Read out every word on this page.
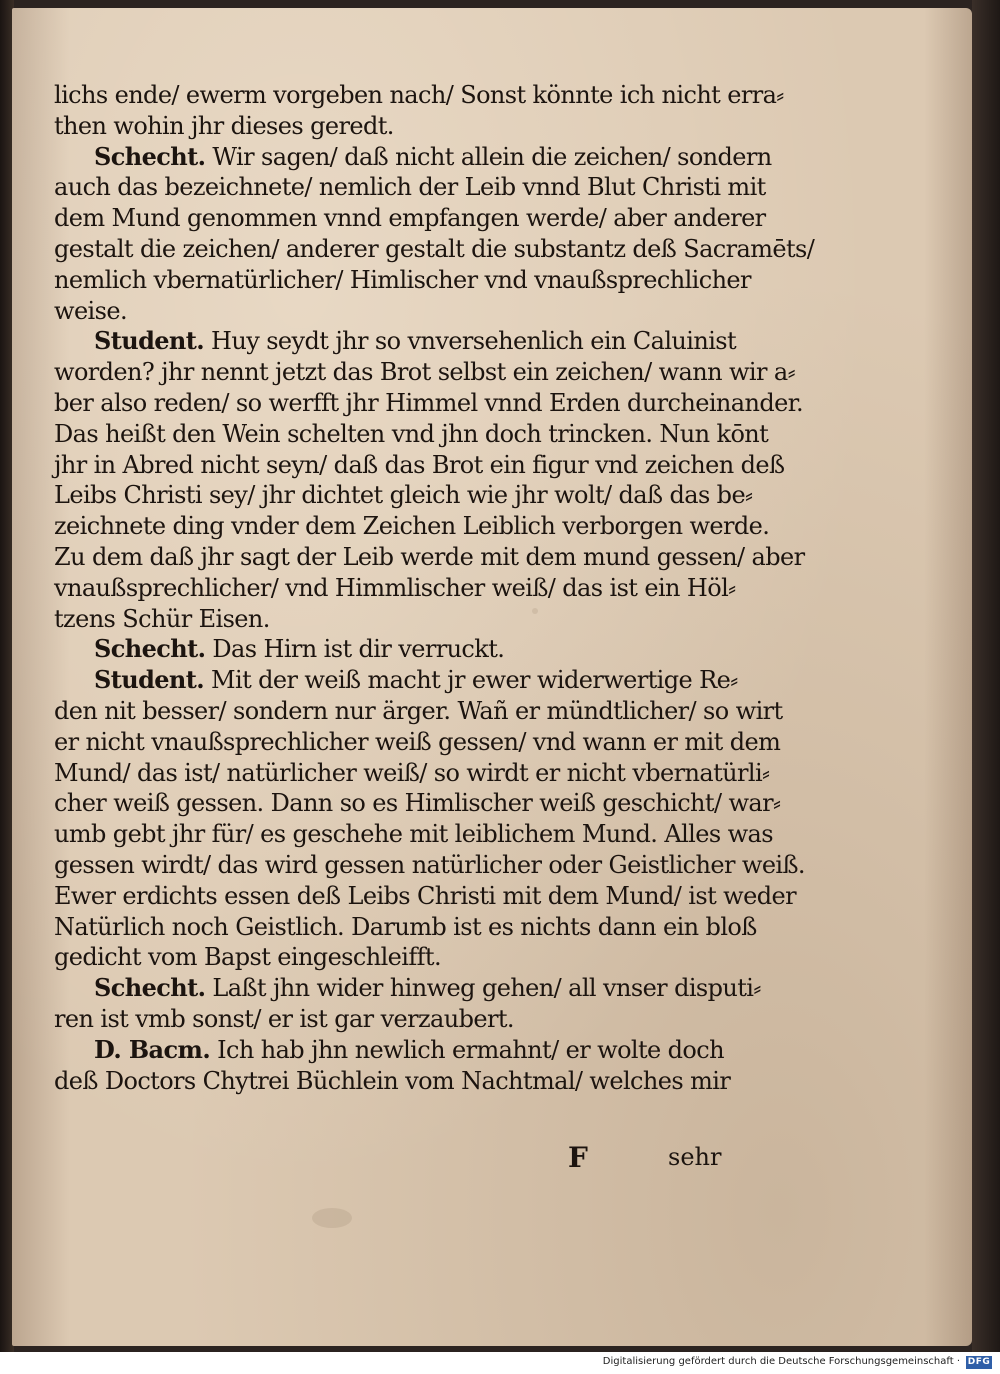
lichs ende/ ewerm vorgeben nach/ Sonst könnte ich nicht erra⸗
then wohin jhr dieses geredt.
Schecht. Wir sagen/ daß nicht allein die zeichen/ sondern
auch das bezeichnete/ nemlich der Leib vnnd Blut Christi mit
dem Mund genommen vnnd empfangen werde/ aber anderer
gestalt die zeichen/ anderer gestalt die substantz deß Sacramēts/
nemlich vbernatürlicher/ Himlischer vnd vnaußsprechlicher
weise.
Student. Huy seydt jhr so vnversehenlich ein Caluinist
worden? jhr nennt jetzt das Brot selbst ein zeichen/ wann wir a⸗
ber also reden/ so werfft jhr Himmel vnnd Erden durcheinander.
Das heißt den Wein schelten vnd jhn doch trincken. Nun kōnt
jhr in Abred nicht seyn/ daß das Brot ein figur vnd zeichen deß
Leibs Christi sey/ jhr dichtet gleich wie jhr wolt/ daß das be⸗
zeichnete ding vnder dem Zeichen Leiblich verborgen werde.
Zu dem daß jhr sagt der Leib werde mit dem mund gessen/ aber
vnaußsprechlicher/ vnd Himmlischer weiß/ das ist ein Höl⸗
tzens Schür Eisen.
Schecht. Das Hirn ist dir verruckt.
Student. Mit der weiß macht jr ewer widerwertige Re⸗
den nit besser/ sondern nur ärger. Wañ er mündtlicher/ so wirt
er nicht vnaußsprechlicher weiß gessen/ vnd wann er mit dem
Mund/ das ist/ natürlicher weiß/ so wirdt er nicht vbernatürli⸗
cher weiß gessen. Dann so es Himlischer weiß geschicht/ war⸗
umb gebt jhr für/ es geschehe mit leiblichem Mund. Alles was
gessen wirdt/ das wird gessen natürlicher oder Geistlicher weiß.
Ewer erdichts essen deß Leibs Christi mit dem Mund/ ist weder
Natürlich noch Geistlich. Darumb ist es nichts dann ein bloß
gedicht vom Bapst eingeschleifft.
Schecht. Laßt jhn wider hinweg gehen/ all vnser disputi⸗
ren ist vmb sonst/ er ist gar verzaubert.
D. Bacm. Ich hab jhn newlich ermahnt/ er wolte doch
deß Doctors Chytrei Büchlein vom Nachtmal/ welches mir
F	sehr
Digitalisierung gefördert durch die Deutsche Forschungsgemeinschaft · DFG
